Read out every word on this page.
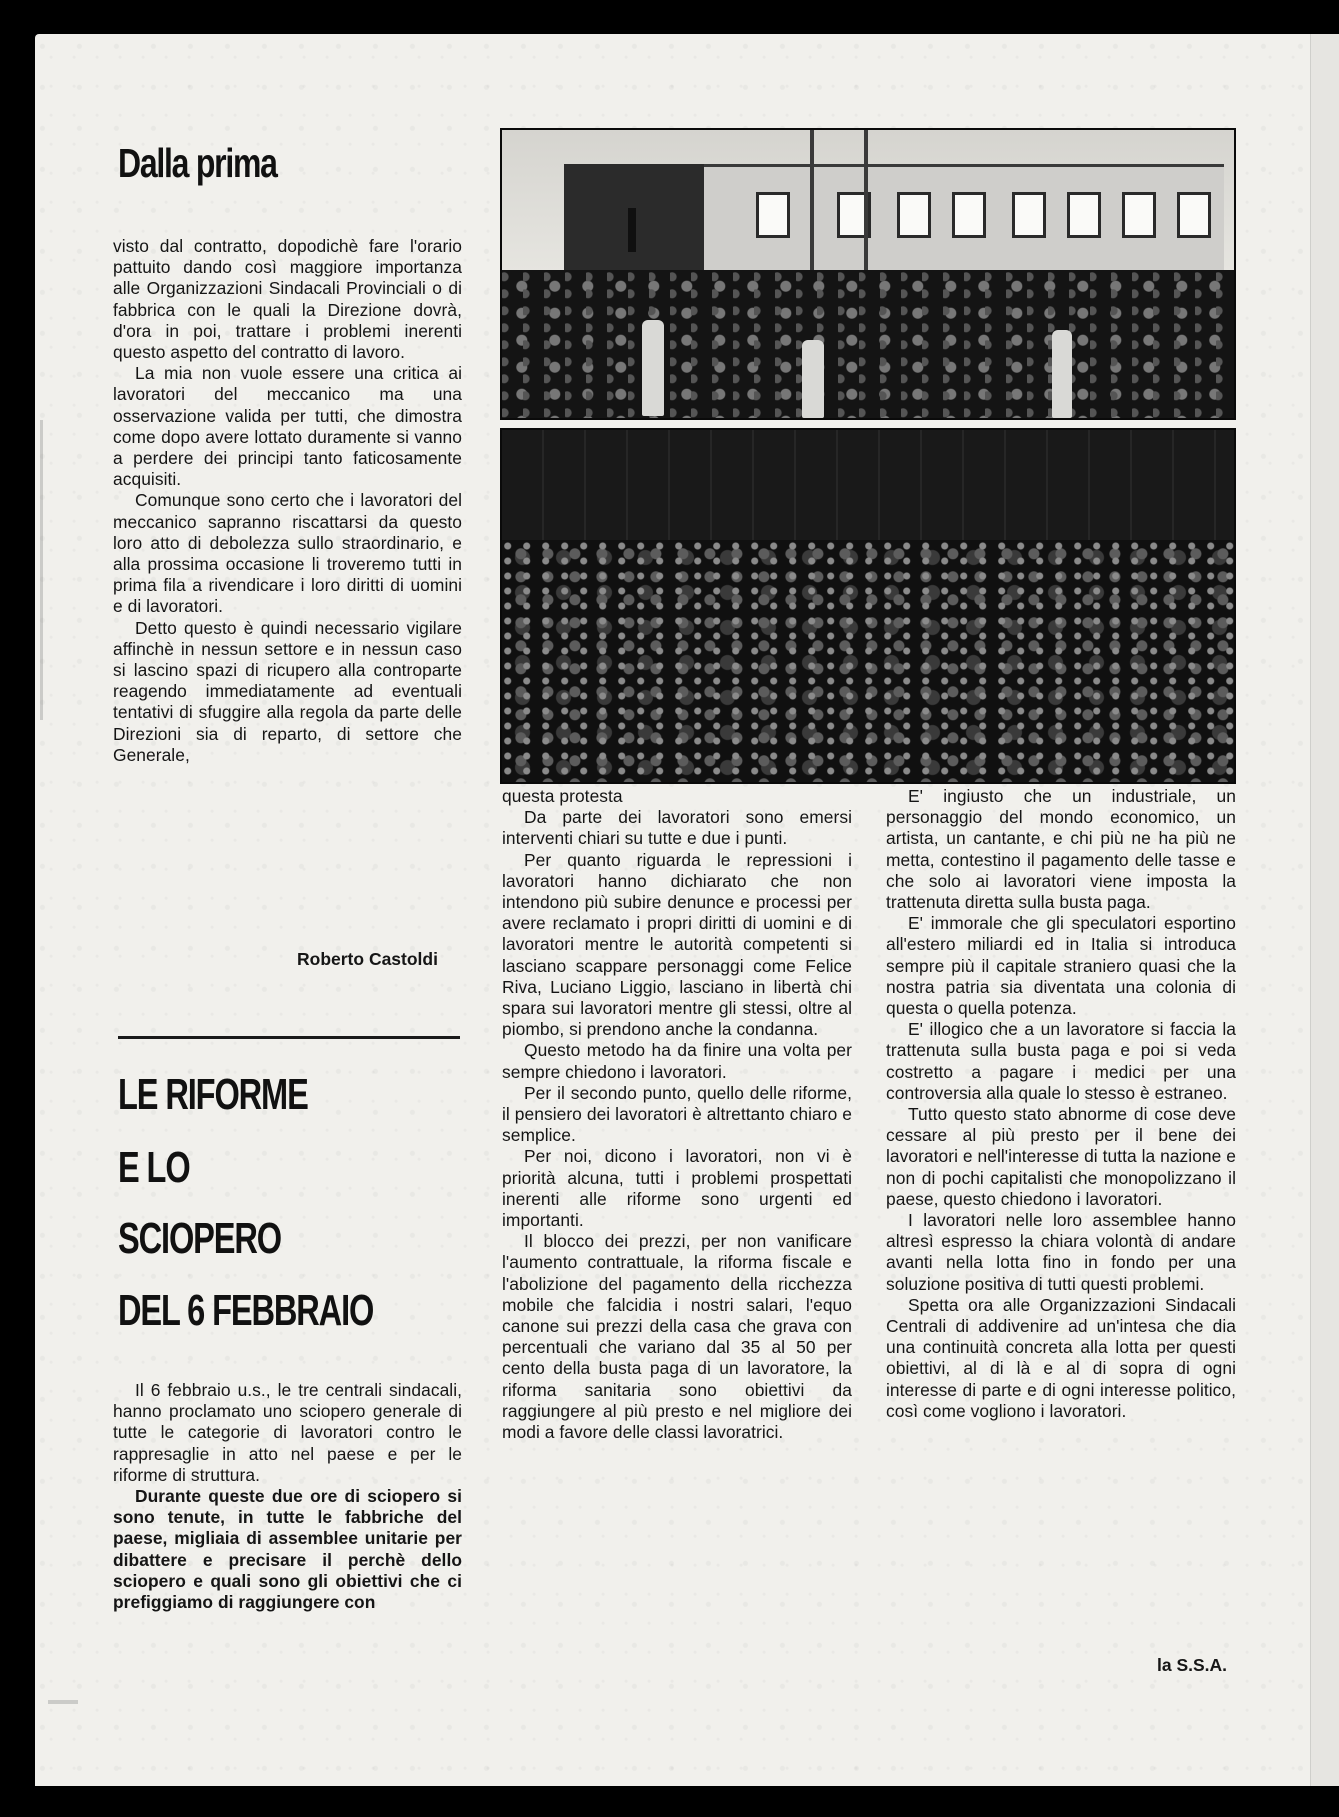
Dalla prima

visto dal contratto, dopodichè fare l'orario pattuito dando così maggiore importanza alle Organizzazioni Sindacali Provinciali o di fabbrica con le quali la Direzione dovrà, d'ora in poi, trattare i problemi inerenti questo aspetto del contratto di lavoro.

La mia non vuole essere una critica ai lavoratori del meccanico ma una osservazione valida per tutti, che dimostra come dopo avere lottato duramente si vanno a perdere dei principi tanto faticosamente acquisiti.

Comunque sono certo che i lavoratori del meccanico sapranno riscattarsi da questo loro atto di debolezza sullo straordinario, e alla prossima occasione li troveremo tutti in prima fila a rivendicare i loro diritti di uomini e di lavoratori.

Detto questo è quindi necessario vigilare affinchè in nessun settore e in nessun caso si lascino spazi di ricupero alla controparte reagendo immediatamente ad eventuali tentativi di sfuggire alla regola da parte delle Direzioni sia di reparto, di settore che Generale,

Roberto Castoldi
LE RIFORME
E LO
SCIOPERO
DEL 6 FEBBRAIO

Il 6 febbraio u.s., le tre centrali sindacali, hanno proclamato uno sciopero generale di tutte le categorie di lavoratori contro le rappresaglie in atto nel paese e per le riforme di struttura.

Durante queste due ore di sciopero si sono tenute, in tutte le fabbriche del paese, migliaia di assemblee unitarie per dibattere e precisare il perchè dello sciopero e quali sono gli obiettivi che ci prefiggiamo di raggiungere con

questa protesta

Da parte dei lavoratori sono emersi interventi chiari su tutte e due i punti.

Per quanto riguarda le repressioni i lavoratori hanno dichiarato che non intendono più subire denunce e processi per avere reclamato i propri diritti di uomini e di lavoratori mentre le autorità competenti si lasciano scappare personaggi come Felice Riva, Luciano Liggio, lasciano in libertà chi spara sui lavoratori mentre gli stessi, oltre al piombo, si prendono anche la condanna.

Questo metodo ha da finire una volta per sempre chiedono i lavoratori.

Per il secondo punto, quello delle riforme, il pensiero dei lavoratori è altrettanto chiaro e semplice.

Per noi, dicono i lavoratori, non vi è priorità alcuna, tutti i problemi prospettati inerenti alle riforme sono urgenti ed importanti.

Il blocco dei prezzi, per non vanificare l'aumento contrattuale, la riforma fiscale e l'abolizione del pagamento della ricchezza mobile che falcidia i nostri salari, l'equo canone sui prezzi della casa che grava con percentuali che variano dal 35 al 50 per cento della busta paga di un lavoratore, la riforma sanitaria sono obiettivi da raggiungere al più presto e nel migliore dei modi a favore delle classi lavoratrici.

E' ingiusto che un industriale, un personaggio del mondo economico, un artista, un cantante, e chi più ne ha più ne metta, contestino il pagamento delle tasse e che solo ai lavoratori viene imposta la trattenuta diretta sulla busta paga.

E' immorale che gli speculatori esportino all'estero miliardi ed in Italia si introduca sempre più il capitale straniero quasi che la nostra patria sia diventata una colonia di questa o quella potenza.

E' illogico che a un lavoratore si faccia la trattenuta sulla busta paga e poi si veda costretto a pagare i medici per una controversia alla quale lo stesso è estraneo.

Tutto questo stato abnorme di cose deve cessare al più presto per il bene dei lavoratori e nell'interesse di tutta la nazione e non di pochi capitalisti che monopolizzano il paese, questo chiedono i lavoratori.

I lavoratori nelle loro assemblee hanno altresì espresso la chiara volontà di andare avanti nella lotta fino in fondo per una soluzione positiva di tutti questi problemi.

Spetta ora alle Organizzazioni Sindacali Centrali di addivenire ad un'intesa che dia una continuità concreta alla lotta per questi obiettivi, al di là e al di sopra di ogni interesse di parte e di ogni interesse politico, così come vogliono i lavoratori.

la S.S.A.
